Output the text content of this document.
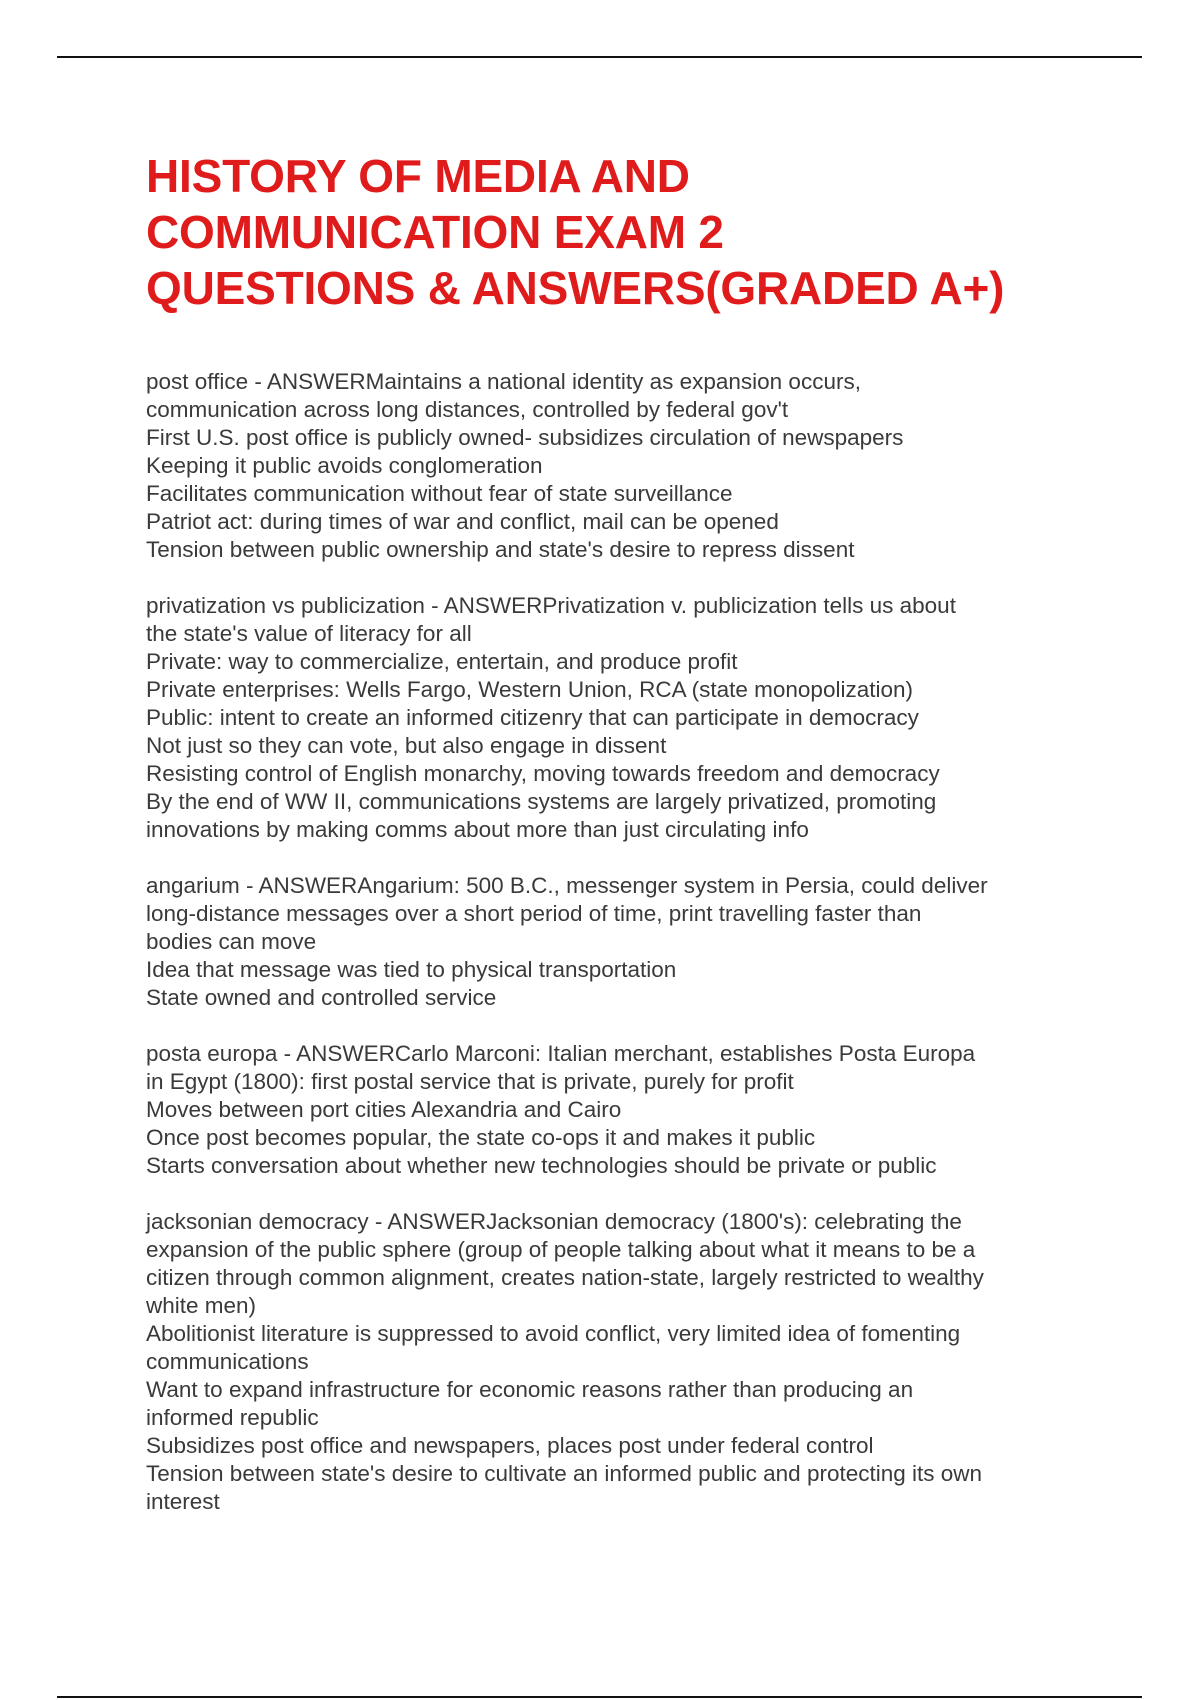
HISTORY OF MEDIA AND
COMMUNICATION EXAM 2
QUESTIONS & ANSWERS(GRADED A+)

post office - ANSWERMaintains a national identity as expansion occurs,
communication across long distances, controlled by federal gov't
First U.S. post office is publicly owned- subsidizes circulation of newspapers
Keeping it public avoids conglomeration
Facilitates communication without fear of state surveillance
Patriot act: during times of war and conflict, mail can be opened
Tension between public ownership and state's desire to repress dissent

privatization vs publicization - ANSWERPrivatization v. publicization tells us about
the state's value of literacy for all
Private: way to commercialize, entertain, and produce profit
Private enterprises: Wells Fargo, Western Union, RCA (state monopolization)
Public: intent to create an informed citizenry that can participate in democracy
Not just so they can vote, but also engage in dissent
Resisting control of English monarchy, moving towards freedom and democracy
By the end of WW II, communications systems are largely privatized, promoting
innovations by making comms about more than just circulating info

angarium - ANSWERAngarium: 500 B.C., messenger system in Persia, could deliver
long-distance messages over a short period of time, print travelling faster than
bodies can move
Idea that message was tied to physical transportation
State owned and controlled service

posta europa - ANSWERCarlo Marconi: Italian merchant, establishes Posta Europa
in Egypt (1800): first postal service that is private, purely for profit
Moves between port cities Alexandria and Cairo
Once post becomes popular, the state co-ops it and makes it public
Starts conversation about whether new technologies should be private or public

jacksonian democracy - ANSWERJacksonian democracy (1800's): celebrating the
expansion of the public sphere (group of people talking about what it means to be a
citizen through common alignment, creates nation-state, largely restricted to wealthy
white men)
Abolitionist literature is suppressed to avoid conflict, very limited idea of fomenting
communications
Want to expand infrastructure for economic reasons rather than producing an
informed republic
Subsidizes post office and newspapers, places post under federal control
Tension between state's desire to cultivate an informed public and protecting its own
interest
